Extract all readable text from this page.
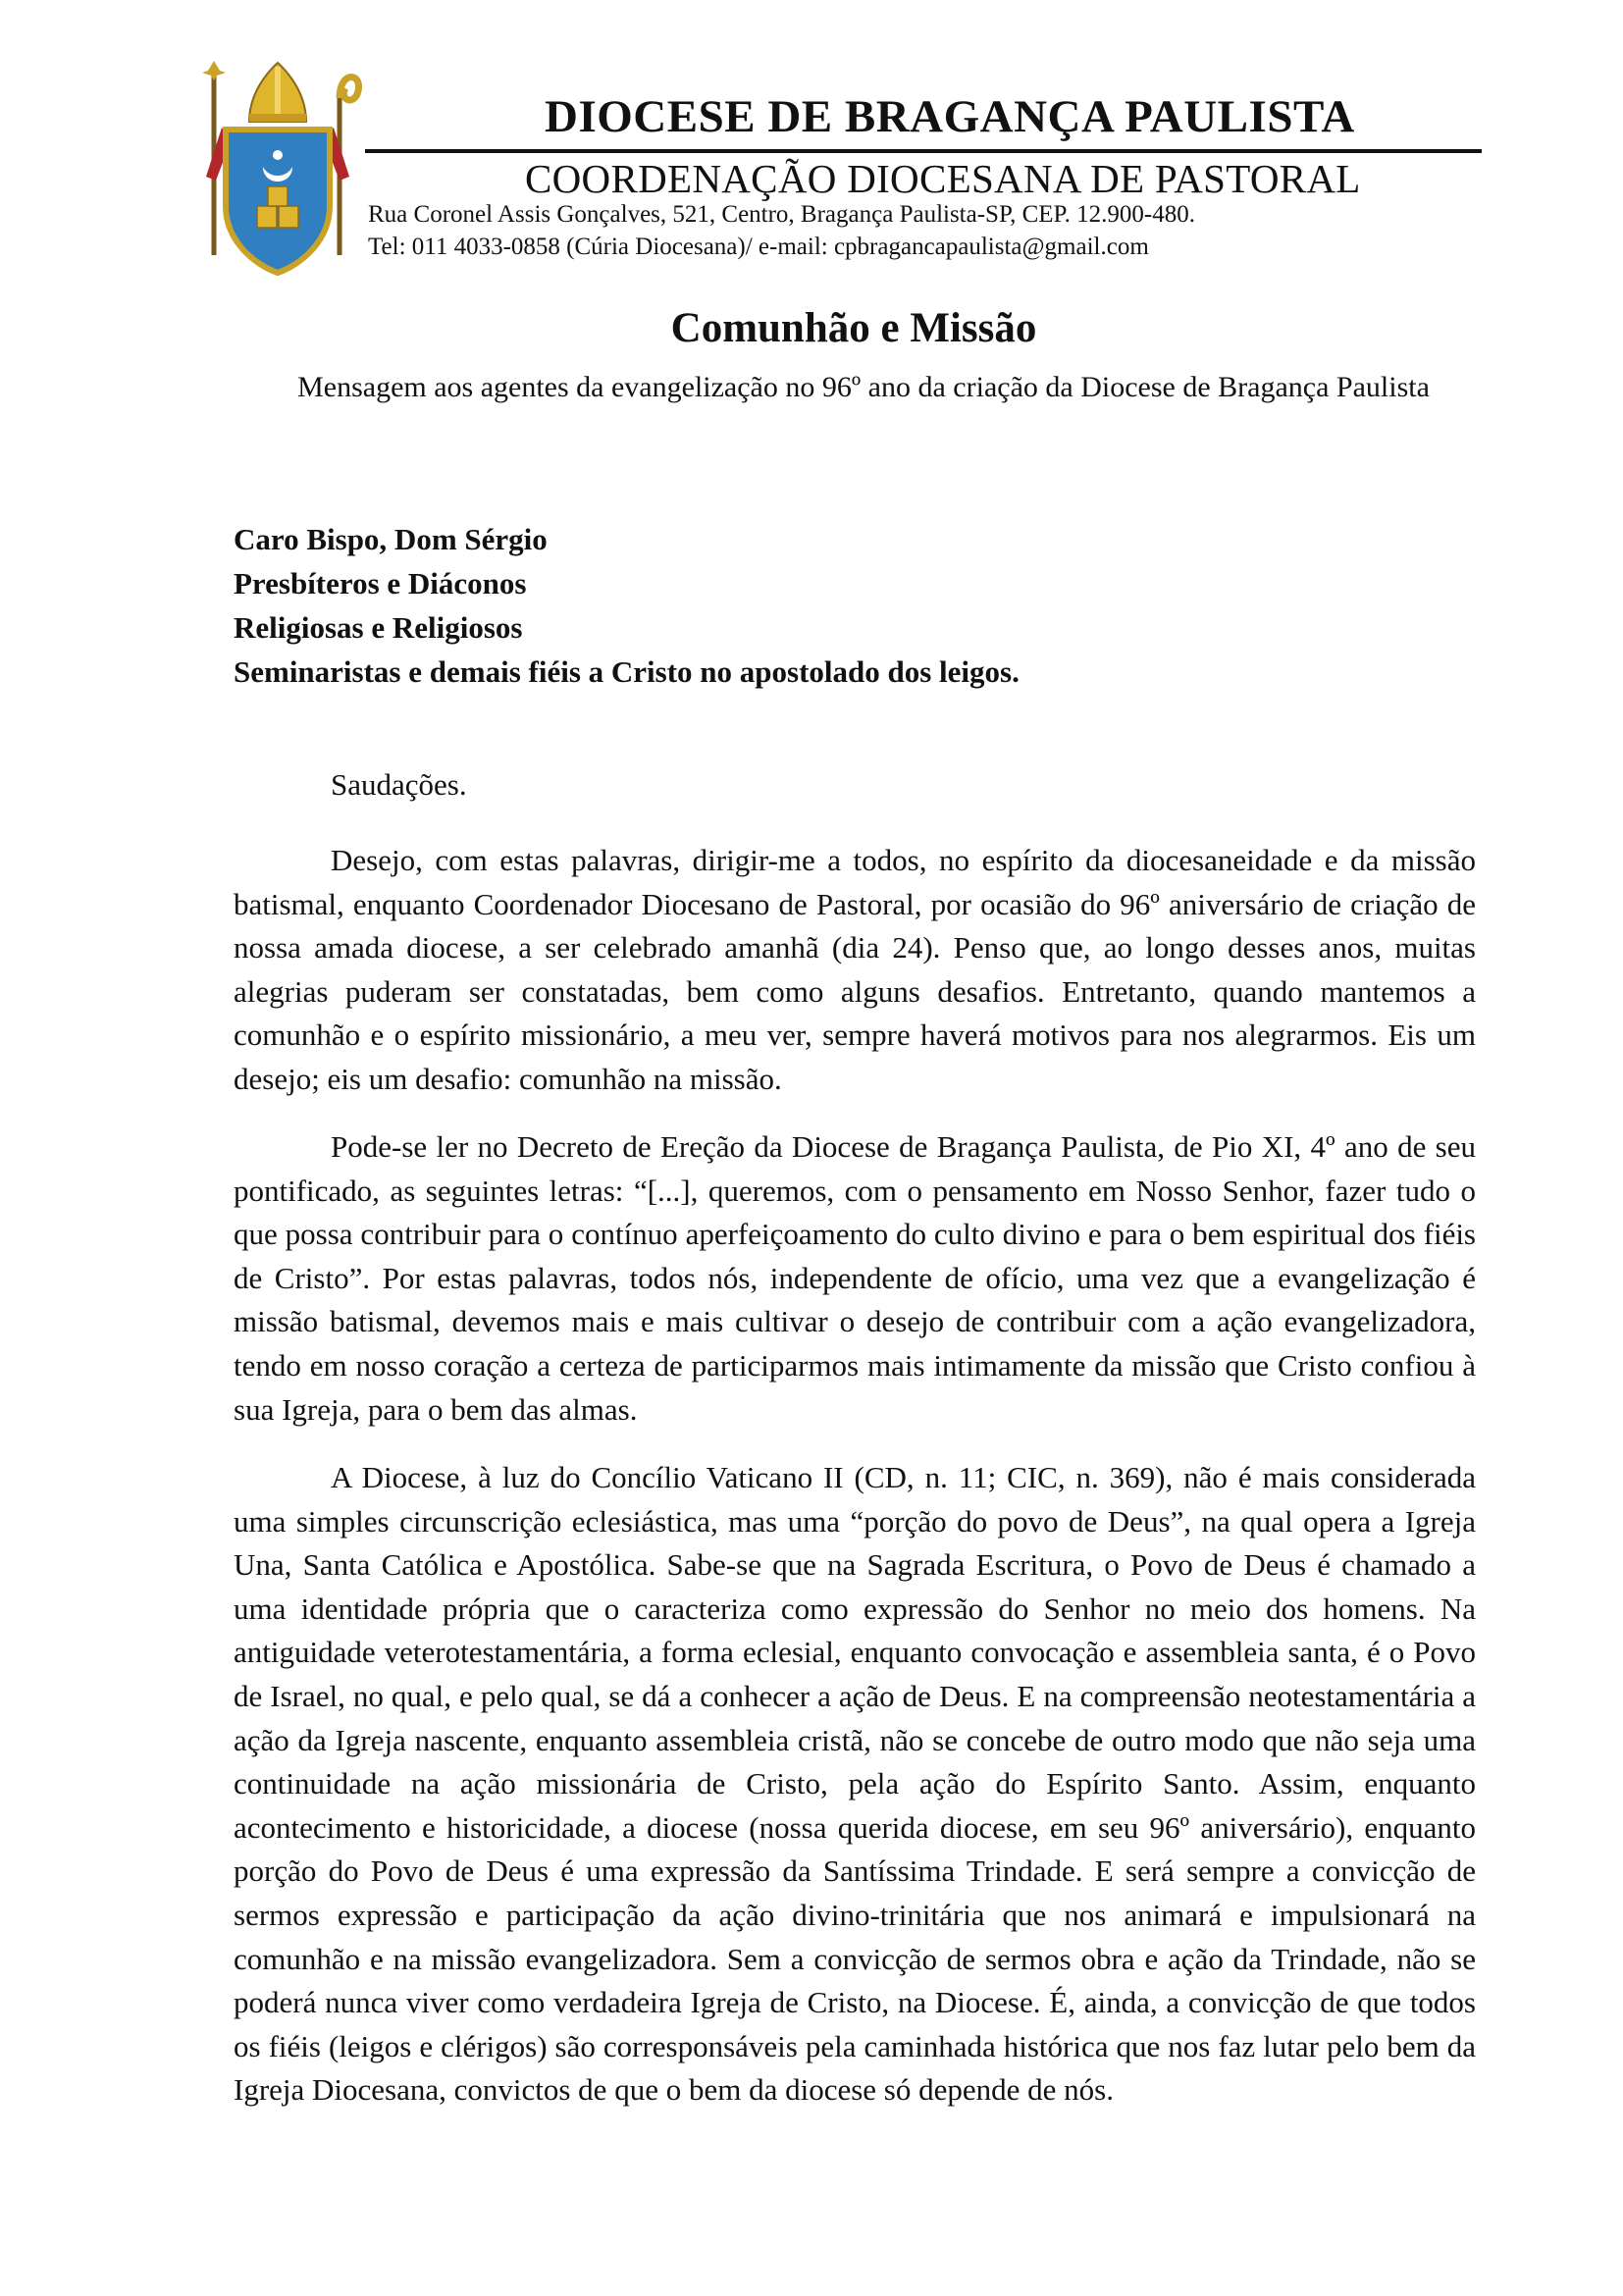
DIOCESE DE BRAGANÇA PAULISTA
COORDENAÇÃO DIOCESANA DE PASTORAL
Rua Coronel Assis Gonçalves, 521, Centro, Bragança Paulista-SP, CEP. 12.900-480.
Tel: 011 4033-0858 (Cúria Diocesana)/ e-mail: cpbragancapaulista@gmail.com
Comunhão e Missão
Mensagem aos agentes da evangelização no 96º ano da criação da Diocese de Bragança Paulista
Caro Bispo, Dom Sérgio
Presbíteros e Diáconos
Religiosas e Religiosos
Seminaristas e demais fiéis a Cristo no apostolado dos leigos.
Saudações.

Desejo, com estas palavras, dirigir-me a todos, no espírito da diocesaneidade e da missão batismal, enquanto Coordenador Diocesano de Pastoral, por ocasião do 96º aniversário de criação de nossa amada diocese, a ser celebrado amanhã (dia 24). Penso que, ao longo desses anos, muitas alegrias puderam ser constatadas, bem como alguns desafios. Entretanto, quando mantemos a comunhão e o espírito missionário, a meu ver, sempre haverá motivos para nos alegrarmos. Eis um desejo; eis um desafio: comunhão na missão.

Pode-se ler no Decreto de Ereção da Diocese de Bragança Paulista, de Pio XI, 4º ano de seu pontificado, as seguintes letras: “[...], queremos, com o pensamento em Nosso Senhor, fazer tudo o que possa contribuir para o contínuo aperfeiçoamento do culto divino e para o bem espiritual dos fiéis de Cristo”. Por estas palavras, todos nós, independente de ofício, uma vez que a evangelização é missão batismal, devemos mais e mais cultivar o desejo de contribuir com a ação evangelizadora, tendo em nosso coração a certeza de participarmos mais intimamente da missão que Cristo confiou à sua Igreja, para o bem das almas.

A Diocese, à luz do Concílio Vaticano II (CD, n. 11; CIC, n. 369), não é mais considerada uma simples circunscrição eclesiástica, mas uma “porção do povo de Deus”, na qual opera a Igreja Una, Santa Católica e Apostólica. Sabe-se que na Sagrada Escritura, o Povo de Deus é chamado a uma identidade própria que o caracteriza como expressão do Senhor no meio dos homens. Na antiguidade veterotestamentária, a forma eclesial, enquanto convocação e assembleia santa, é o Povo de Israel, no qual, e pelo qual, se dá a conhecer a ação de Deus. E na compreensão neotestamentária a ação da Igreja nascente, enquanto assembleia cristã, não se concebe de outro modo que não seja uma continuidade na ação missionária de Cristo, pela ação do Espírito Santo. Assim, enquanto acontecimento e historicidade, a diocese (nossa querida diocese, em seu 96º aniversário), enquanto porção do Povo de Deus é uma expressão da Santíssima Trindade. E será sempre a convicção de sermos expressão e participação da ação divino-trinitária que nos animará e impulsionará na comunhão e na missão evangelizadora. Sem a convicção de sermos obra e ação da Trindade, não se poderá nunca viver como verdadeira Igreja de Cristo, na Diocese. É, ainda, a convicção de que todos os fiéis (leigos e clérigos) são corresponsáveis pela caminhada histórica que nos faz lutar pelo bem da Igreja Diocesana, convictos de que o bem da diocese só depende de nós.
